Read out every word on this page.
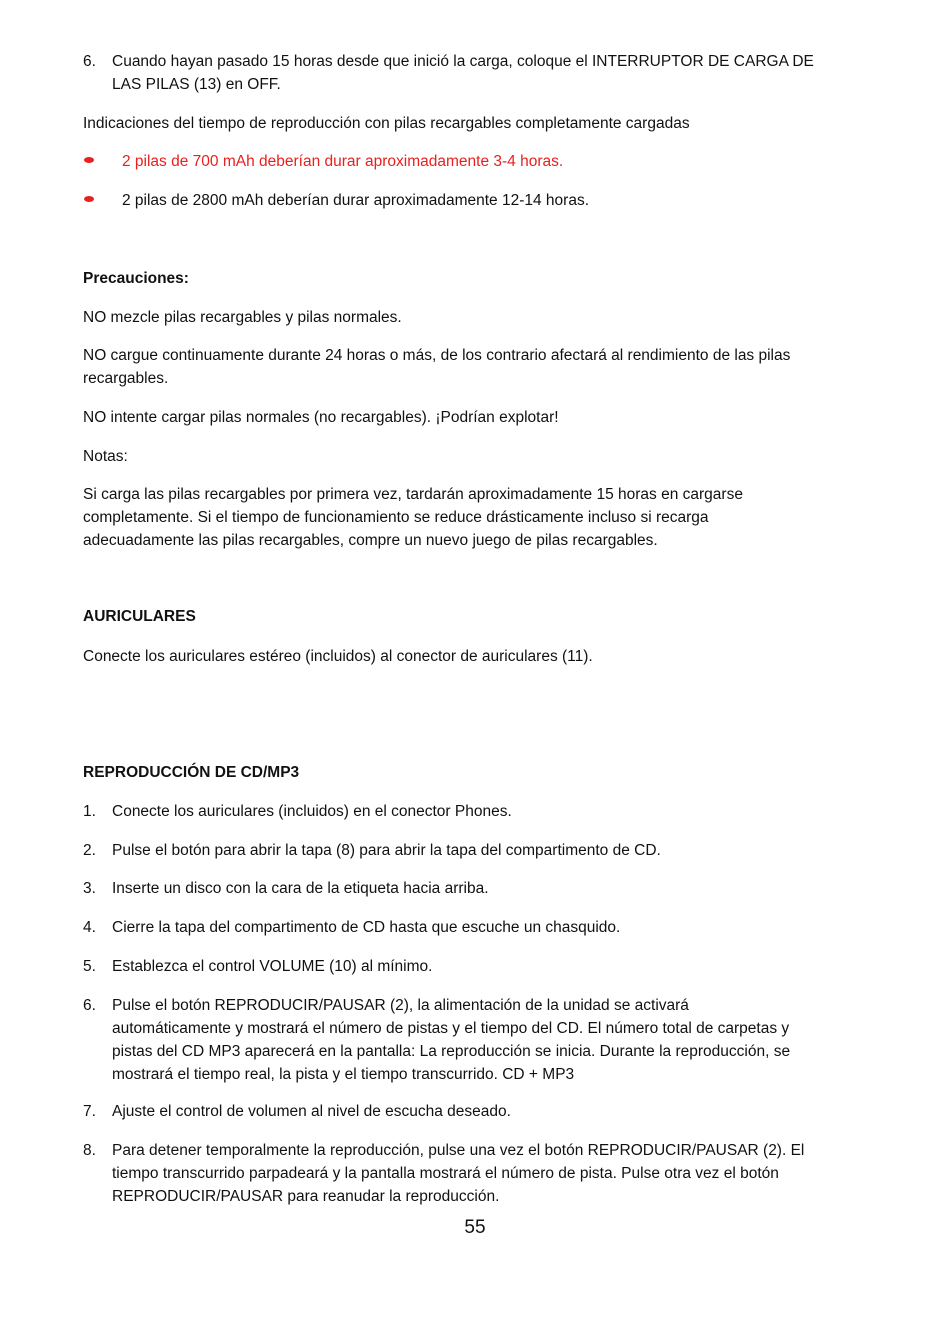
6.	Cuando hayan pasado 15 horas desde que inició la carga, coloque el INTERRUPTOR DE CARGA DE LAS PILAS (13) en OFF.

Indicaciones del tiempo de reproducción con pilas recargables completamente cargadas

2 pilas de 700 mAh deberían durar aproximadamente 3-4 horas.

2 pilas de 2800 mAh deberían durar aproximadamente 12-14 horas.

Precauciones:

NO mezcle pilas recargables y pilas normales.

NO cargue continuamente durante 24 horas o más, de los contrario afectará al rendimiento de las pilas recargables.

NO intente cargar pilas normales (no recargables). ¡Podrían explotar!

Notas:

Si carga las pilas recargables por primera vez, tardarán aproximadamente 15 horas en cargarse completamente. Si el tiempo de funcionamiento se reduce drásticamente incluso si recarga adecuadamente las pilas recargables, compre un nuevo juego de pilas recargables.

AURICULARES

Conecte los auriculares estéreo (incluidos) al conector de auriculares (11).

REPRODUCCIÓN DE CD/MP3

1.	Conecte los auriculares (incluidos) en el conector Phones.

2.	Pulse el botón para abrir la tapa (8) para abrir la tapa del compartimento de CD.

3.	Inserte un disco con la cara de la etiqueta hacia arriba.

4.	Cierre la tapa del compartimento de CD hasta que escuche un chasquido.

5.	Establezca el control VOLUME (10) al mínimo.

6.	Pulse el botón REPRODUCIR/PAUSAR (2), la alimentación de la unidad se activará automáticamente y mostrará el número de pistas y el tiempo del CD. El número total de carpetas y pistas del CD MP3 aparecerá en la pantalla: La reproducción se inicia. Durante la reproducción, se mostrará el tiempo real, la pista y el tiempo transcurrido. CD + MP3

7.	Ajuste el control de volumen al nivel de escucha deseado.

8.	Para detener temporalmente la reproducción, pulse una vez el botón REPRODUCIR/PAUSAR (2). El tiempo transcurrido parpadeará y la pantalla mostrará el número de pista. Pulse otra vez el botón REPRODUCIR/PAUSAR para reanudar la reproducción.

55
